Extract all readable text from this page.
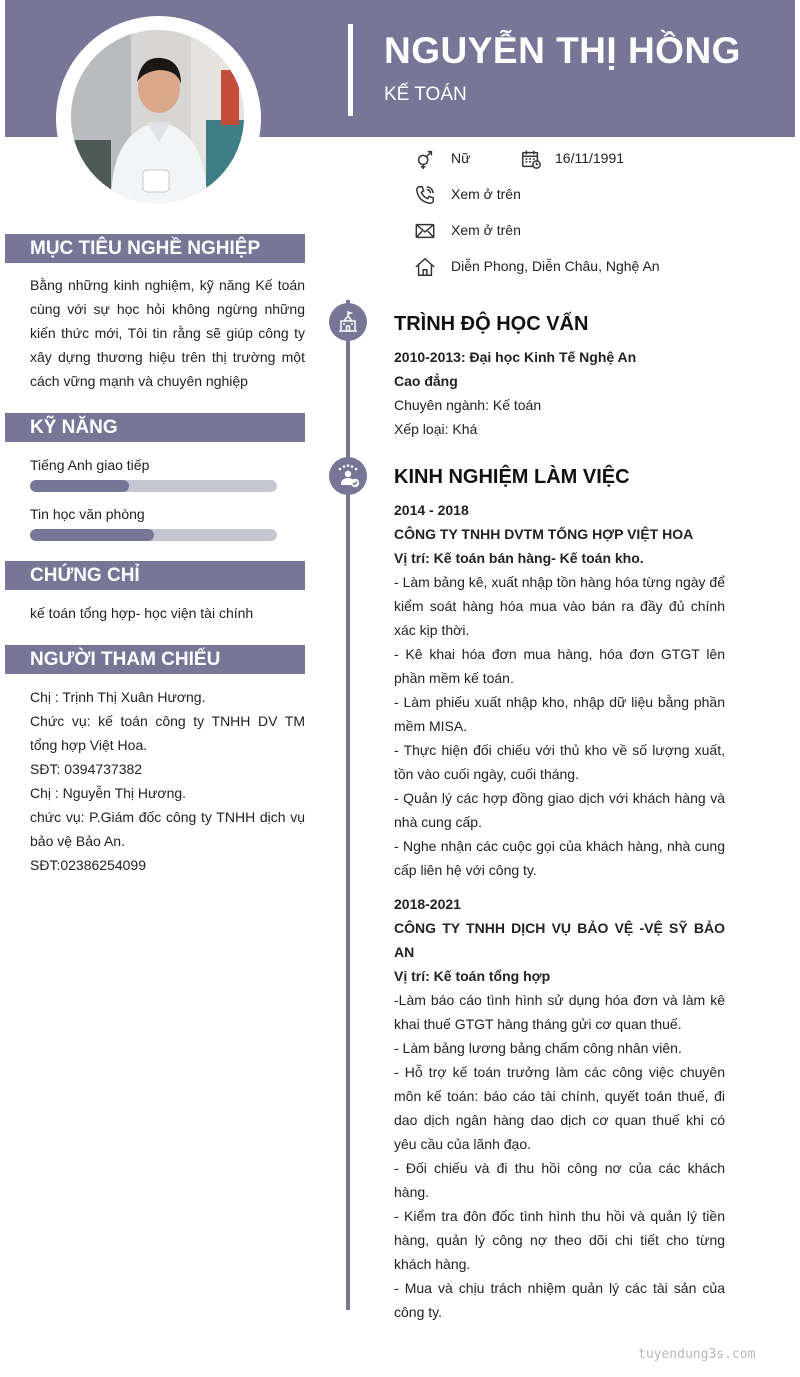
NGUYỄN THỊ HỒNG
KẾ TOÁN
Nữ	16/11/1991
Xem ở trên
Xem ở trên
Diễn Phong, Diễn Châu, Nghệ An
MỤC TIÊU NGHỀ NGHIỆP
Bằng những kinh nghiệm, kỹ năng Kế toán cùng với sự học hỏi không ngừng những kiến thức mới, Tôi tin rằng sẽ giúp công ty xây dựng thương hiệu trên thị trường một cách vững mạnh và chuyên nghiệp
KỸ NĂNG
Tiếng Anh giao tiếp
Tin học văn phòng
CHỨNG CHỈ
kế toán tổng hợp- học viện tài chính
NGƯỜI THAM CHIẾU
Chị : Trịnh Thị Xuân Hương.
Chức vụ: kế toán công ty TNHH DV TM tổng hợp Việt Hoa.
SĐT: 0394737382
Chị : Nguyễn Thị Hương.
chức vụ: P.Giám đốc công ty TNHH dịch vụ bảo vệ Bảo An.
SĐT:02386254099
TRÌNH ĐỘ HỌC VẤN
2010-2013: Đại học Kinh Tế Nghệ An
Cao đẳng
Chuyên ngành: Kế toán
Xếp loại: Khá
KINH NGHIỆM LÀM VIỆC
2014 - 2018
CÔNG TY TNHH DVTM TỔNG HỢP VIỆT HOA
Vị trí: Kế toán bán hàng- Kế toán kho.
- Làm bảng kê, xuất nhập tồn hàng hóa từng ngày để kiểm soát hàng hóa mua vào bán ra đầy đủ chính xác kịp thời.
- Kê khai hóa đơn mua hàng, hóa đơn GTGT lên phần mềm kế toán.
- Làm phiếu xuất nhập kho, nhập dữ liệu bằng phần mềm MISA.
- Thực hiện đối chiếu với thủ kho về số lượng xuất, tồn vào cuối ngày, cuối tháng.
- Quản lý các hợp đồng giao dịch với khách hàng và nhà cung cấp.
- Nghe nhận các cuộc gọi của khách hàng, nhà cung cấp liên hệ với công ty.
2018-2021
CÔNG TY TNHH DỊCH VỤ BẢO VỆ -VỆ SỸ BẢO AN
Vị trí: Kế toán tổng hợp
-Làm báo cáo tình hình sử dụng hóa đơn và làm kê khai thuế GTGT hàng tháng gửi cơ quan thuế.
- Làm bảng lương bảng chấm công nhân viên.
- Hỗ trợ kế toán trưởng làm các công việc chuyên môn kế toán: báo cáo tài chính, quyết toán thuế, đi dao dịch ngân hàng dao dịch cơ quan thuế khi có yêu cầu của lãnh đạo.
- Đối chiếu và đi thu hồi công nơ của các khách hàng.
- Kiểm tra đôn đốc tình hình thu hồi và quản lý tiền hàng, quản lý công nợ theo dõi chi tiết cho từng khách hàng.
- Mua và chịu trách nhiệm quản lý các tài sản của công ty.
tuyendung3s.com
